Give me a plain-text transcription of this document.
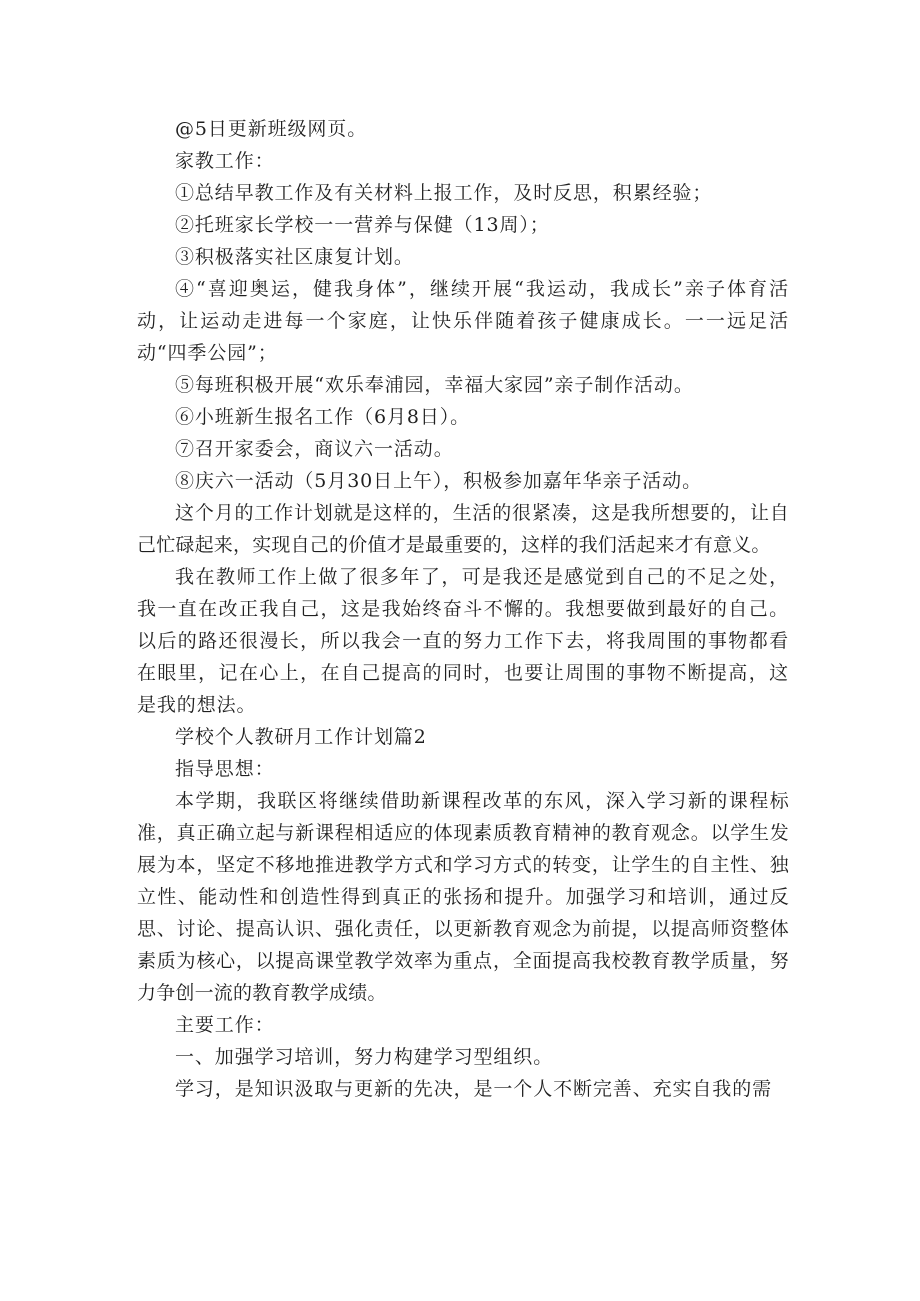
@5日更新班级网页。

家教工作：

①总结早教工作及有关材料上报工作，及时反思，积累经验；

②托班家长学校一一营养与保健（13周）；

③积极落实社区康复计划。

④“喜迎奥运，健我身体”，继续开展“我运动，我成长”亲子体育活动，让运动走进每一个家庭，让快乐伴随着孩子健康成长。一一远足活动“四季公园”；

⑤每班积极开展“欢乐奉浦园，幸福大家园”亲子制作活动。

⑥小班新生报名工作（6月8日）。

⑦召开家委会，商议六一活动。

⑧庆六一活动（5月30日上午），积极参加嘉年华亲子活动。

这个月的工作计划就是这样的，生活的很紧凑，这是我所想要的，让自己忙碌起来，实现自己的价值才是最重要的，这样的我们活起来才有意义。

我在教师工作上做了很多年了，可是我还是感觉到自己的不足之处，我一直在改正我自己，这是我始终奋斗不懈的。我想要做到最好的自己。以后的路还很漫长，所以我会一直的努力工作下去，将我周围的事物都看在眼里，记在心上，在自己提高的同时，也要让周围的事物不断提高，这是我的想法。

学校个人教研月工作计划篇2

指导思想：

本学期，我联区将继续借助新课程改革的东风，深入学习新的课程标准，真正确立起与新课程相适应的体现素质教育精神的教育观念。以学生发展为本，坚定不移地推进教学方式和学习方式的转变，让学生的自主性、独立性、能动性和创造性得到真正的张扬和提升。加强学习和培训，通过反思、讨论、提高认识、强化责任，以更新教育观念为前提，以提高师资整体素质为核心，以提高课堂教学效率为重点，全面提高我校教育教学质量，努力争创一流的教育教学成绩。

主要工作：

一、加强学习培训，努力构建学习型组织。

学习，是知识汲取与更新的先决，是一个人不断完善、充实自我的需
